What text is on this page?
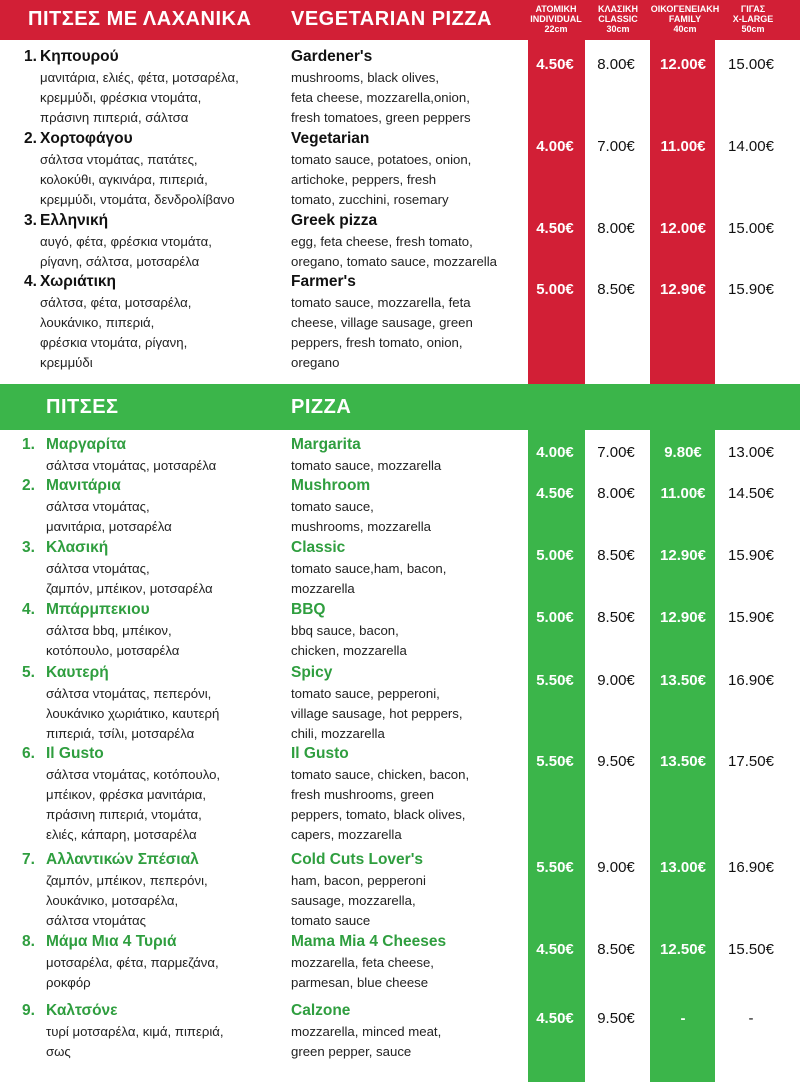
ΠΙΤΣΕΣ ΜΕ ΛΑΧΑΝΙΚΑ VEGETARIAN PIZZA	ΑΤΟΜΙΚΗ
INDIVIDUAL
22cm
ΚΛΑΣΙΚΗ
CLASSIC
30cm
ΟΙΚΟΓΕΝΕΙΑΚΗ
FAMILY
40cm
ΓΙΓΑΣ
X-LARGE
50cm
ΠΙΤΣΕΣ	PIZZA
1. Κηπουρού
μανιτάρια, ελιές, φέτα, μοτσαρέλα,
κρεμμύδι, φρέσκια ντομάτα,
πράσινη πιπεριά, σάλτσα
Gardener's
mushrooms, black olives,
feta cheese, mozzarella,onion,
fresh tomatoes, green peppers
4.50€	8.00€	12.00€	15.00€
2. Χορτοφάγου
σάλτσα ντομάτας, πατάτες,
κολοκύθι, αγκινάρα, πιπεριά,
κρεμμύδι, ντομάτα, δενδρολίβανο
Vegetarian
tomato sauce, potatoes, onion,
artichoke, peppers, fresh
tomato, zucchini, rosemary
4.00€	7.00€	11.00€	14.00€
3. Ελληνική
αυγό, φέτα, φρέσκια ντομάτα,
ρίγανη, σάλτσα, μοτσαρέλα
Greek pizza
egg, feta cheese, fresh tomato,
oregano, tomato sauce, mozzarella
4.50€	8.00€	12.00€	15.00€
4. Χωριάτικη
σάλτσα, φέτα, μοτσαρέλα,
λουκάνικο, πιπεριά,
φρέσκια ντομάτα, ρίγανη,
κρεμμύδι
Farmer's
tomato sauce, mozzarella, feta
cheese, village sausage, green
peppers, fresh tomato, onion,
oregano
5.00€	8.50€	12.90€	15.90€
1. Μαργαρίτα
σάλτσα ντομάτας, μοτσαρέλα
Margarita
tomato sauce, mozzarella
4.00€	7.00€	9.80€	13.00€
2. Μανιτάρια
σάλτσα ντομάτας,
μανιτάρια, μοτσαρέλα
Mushroom
tomato sauce,
mushrooms, mozzarella
4.50€	8.00€	11.00€	14.50€
3. Κλασική
σάλτσα ντομάτας,
ζαμπόν, μπέικον, μοτσαρέλα
Classic
tomato sauce,ham, bacon,
mozzarella
5.00€	8.50€	12.90€	15.90€
4. Μπάρμπεκιου
σάλτσα bbq, μπέικον,
κοτόπουλο, μοτσαρέλα
BBQ
bbq sauce, bacon,
chicken, mozzarella
5.00€	8.50€	12.90€	15.90€
5. Καυτερή
σάλτσα ντομάτας, πεπερόνι,
λουκάνικο χωριάτικο, καυτερή
πιπεριά, τσίλι, μοτσαρέλα
Spicy
tomato sauce, pepperoni,
village sausage, hot peppers,
chili, mozzarella
5.50€	9.00€	13.50€	16.90€
6. Il Gusto
σάλτσα ντομάτας, κοτόπουλο,
μπέικον, φρέσκα μανιτάρια,
πράσινη πιπεριά, ντομάτα,
ελιές, κάπαρη, μοτσαρέλα
Il Gusto
tomato sauce, chicken, bacon,
fresh mushrooms, green
peppers, tomato, black olives,
capers, mozzarella
5.50€	9.50€	13.50€	17.50€
7. Αλλαντικών Σπέσιαλ
ζαμπόν, μπέικον, πεπερόνι,
λουκάνικο, μοτσαρέλα,
σάλτσα ντομάτας
Cold Cuts Lover's
ham, bacon, pepperoni
sausage, mozzarella,
tomato sauce
5.50€	9.00€	13.00€	16.90€
8. Μάμα Μια 4 Τυριά
μοτσαρέλα, φέτα, παρμεζάνα,
ροκφόρ
Mama Mia 4 Cheeses
mozzarella, feta cheese,
parmesan, blue cheese
4.50€	8.50€	12.50€	15.50€
9. Καλτσόνε
τυρί μοτσαρέλα, κιμά, πιπεριά,
σως
Calzone
mozzarella, minced meat,
green pepper, sauce
4.50€	9.50€	-	-
